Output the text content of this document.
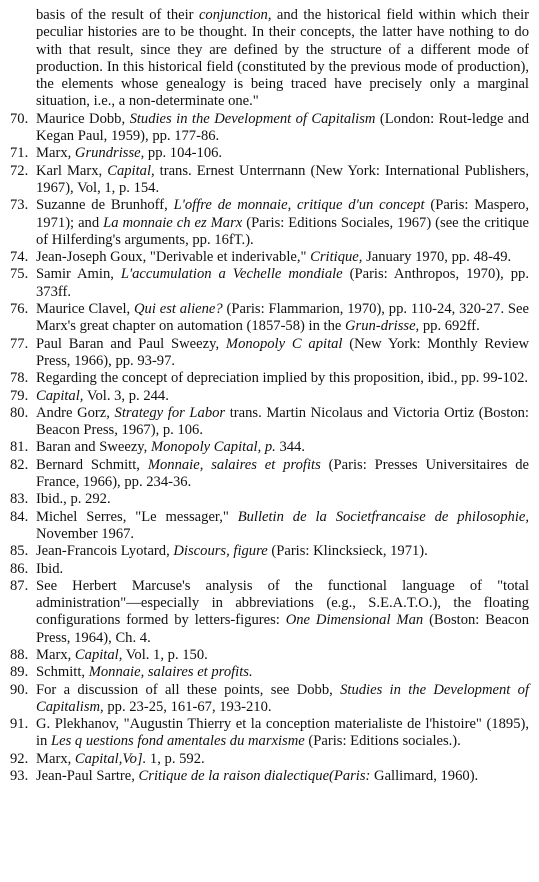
basis of the result of their conjunction, and the historical field within which their peculiar histories are to be thought. In their concepts, the latter have nothing to do with that result, since they are defined by the structure of a different mode of production. In this historical field (constituted by the previous mode of production), the elements whose genealogy is being traced have precisely only a marginal situation, i.e., a non-determinate one."
70. Maurice Dobb, Studies in the Development of Capitalism (London: Rout-ledge and Kegan Paul, 1959), pp. 177-86.
71. Marx, Grundrisse, pp. 104-106.
72. Karl Marx, Capital, trans. Ernest Unterrnann (New York: International Publishers, 1967), Vol, 1, p. 154.
73. Suzanne de Brunhoff, L'offre de monnaie, critique d'un concept (Paris: Maspero, 1971); and La monnaie ch ez Marx (Paris: Editions Sociales, 1967) (see the critique of Hilferding's arguments, pp. 16fT.).
74. Jean-Joseph Goux, "Derivable et inderivable," Critique, January 1970, pp. 48-49.
75. Samir Amin, L'accumulation a Vechelle mondiale (Paris: Anthropos, 1970), pp. 373ff.
76. Maurice Clavel, Qui est aliene? (Paris: Flammarion, 1970), pp. 110-24, 320-27. See Marx's great chapter on automation (1857-58) in the Grun-drisse, pp. 692ff.
77. Paul Baran and Paul Sweezy, Monopoly C apital (New York: Monthly Review Press, 1966), pp. 93-97.
78. Regarding the concept of depreciation implied by this proposition, ibid., pp. 99-102.
79. Capital, Vol. 3, p. 244.
80. Andre Gorz, Strategy for Labor trans. Martin Nicolaus and Victoria Ortiz (Boston: Beacon Press, 1967), p. 106.
81. Baran and Sweezy, Monopoly Capital, p. 344.
82. Bernard Schmitt, Monnaie, salaires et profits (Paris: Presses Universitaires de France, 1966), pp. 234-36.
83. Ibid., p. 292.
84. Michel Serres, "Le messager," Bulletin de la Societfrancaise de philosophie, November 1967.
85. Jean-Francois Lyotard, Discours, figure (Paris: Klincksieck, 1971).
86. Ibid.
87. See Herbert Marcuse's analysis of the functional language of "total administration"—especially in abbreviations (e.g., S.E.A.T.O.), the floating configurations formed by letters-figures: One Dimensional Man (Boston: Beacon Press, 1964), Ch. 4.
88. Marx, Capital, Vol. 1, p. 150.
89. Schmitt, Monnaie, salaires et profits.
90. For a discussion of all these points, see Dobb, Studies in the Development of Capitalism, pp. 23-25, 161-67, 193-210.
91. G. Plekhanov, "Augustin Thierry et la conception materialiste de l'histoire" (1895), in Les q uestions fond amentales du marxisme (Paris: Editions sociales.).
92. Marx, Capital,Vo]. 1, p. 592.
93. Jean-Paul Sartre, Critique de la raison dialectique(Paris: Gallimard, 1960).
